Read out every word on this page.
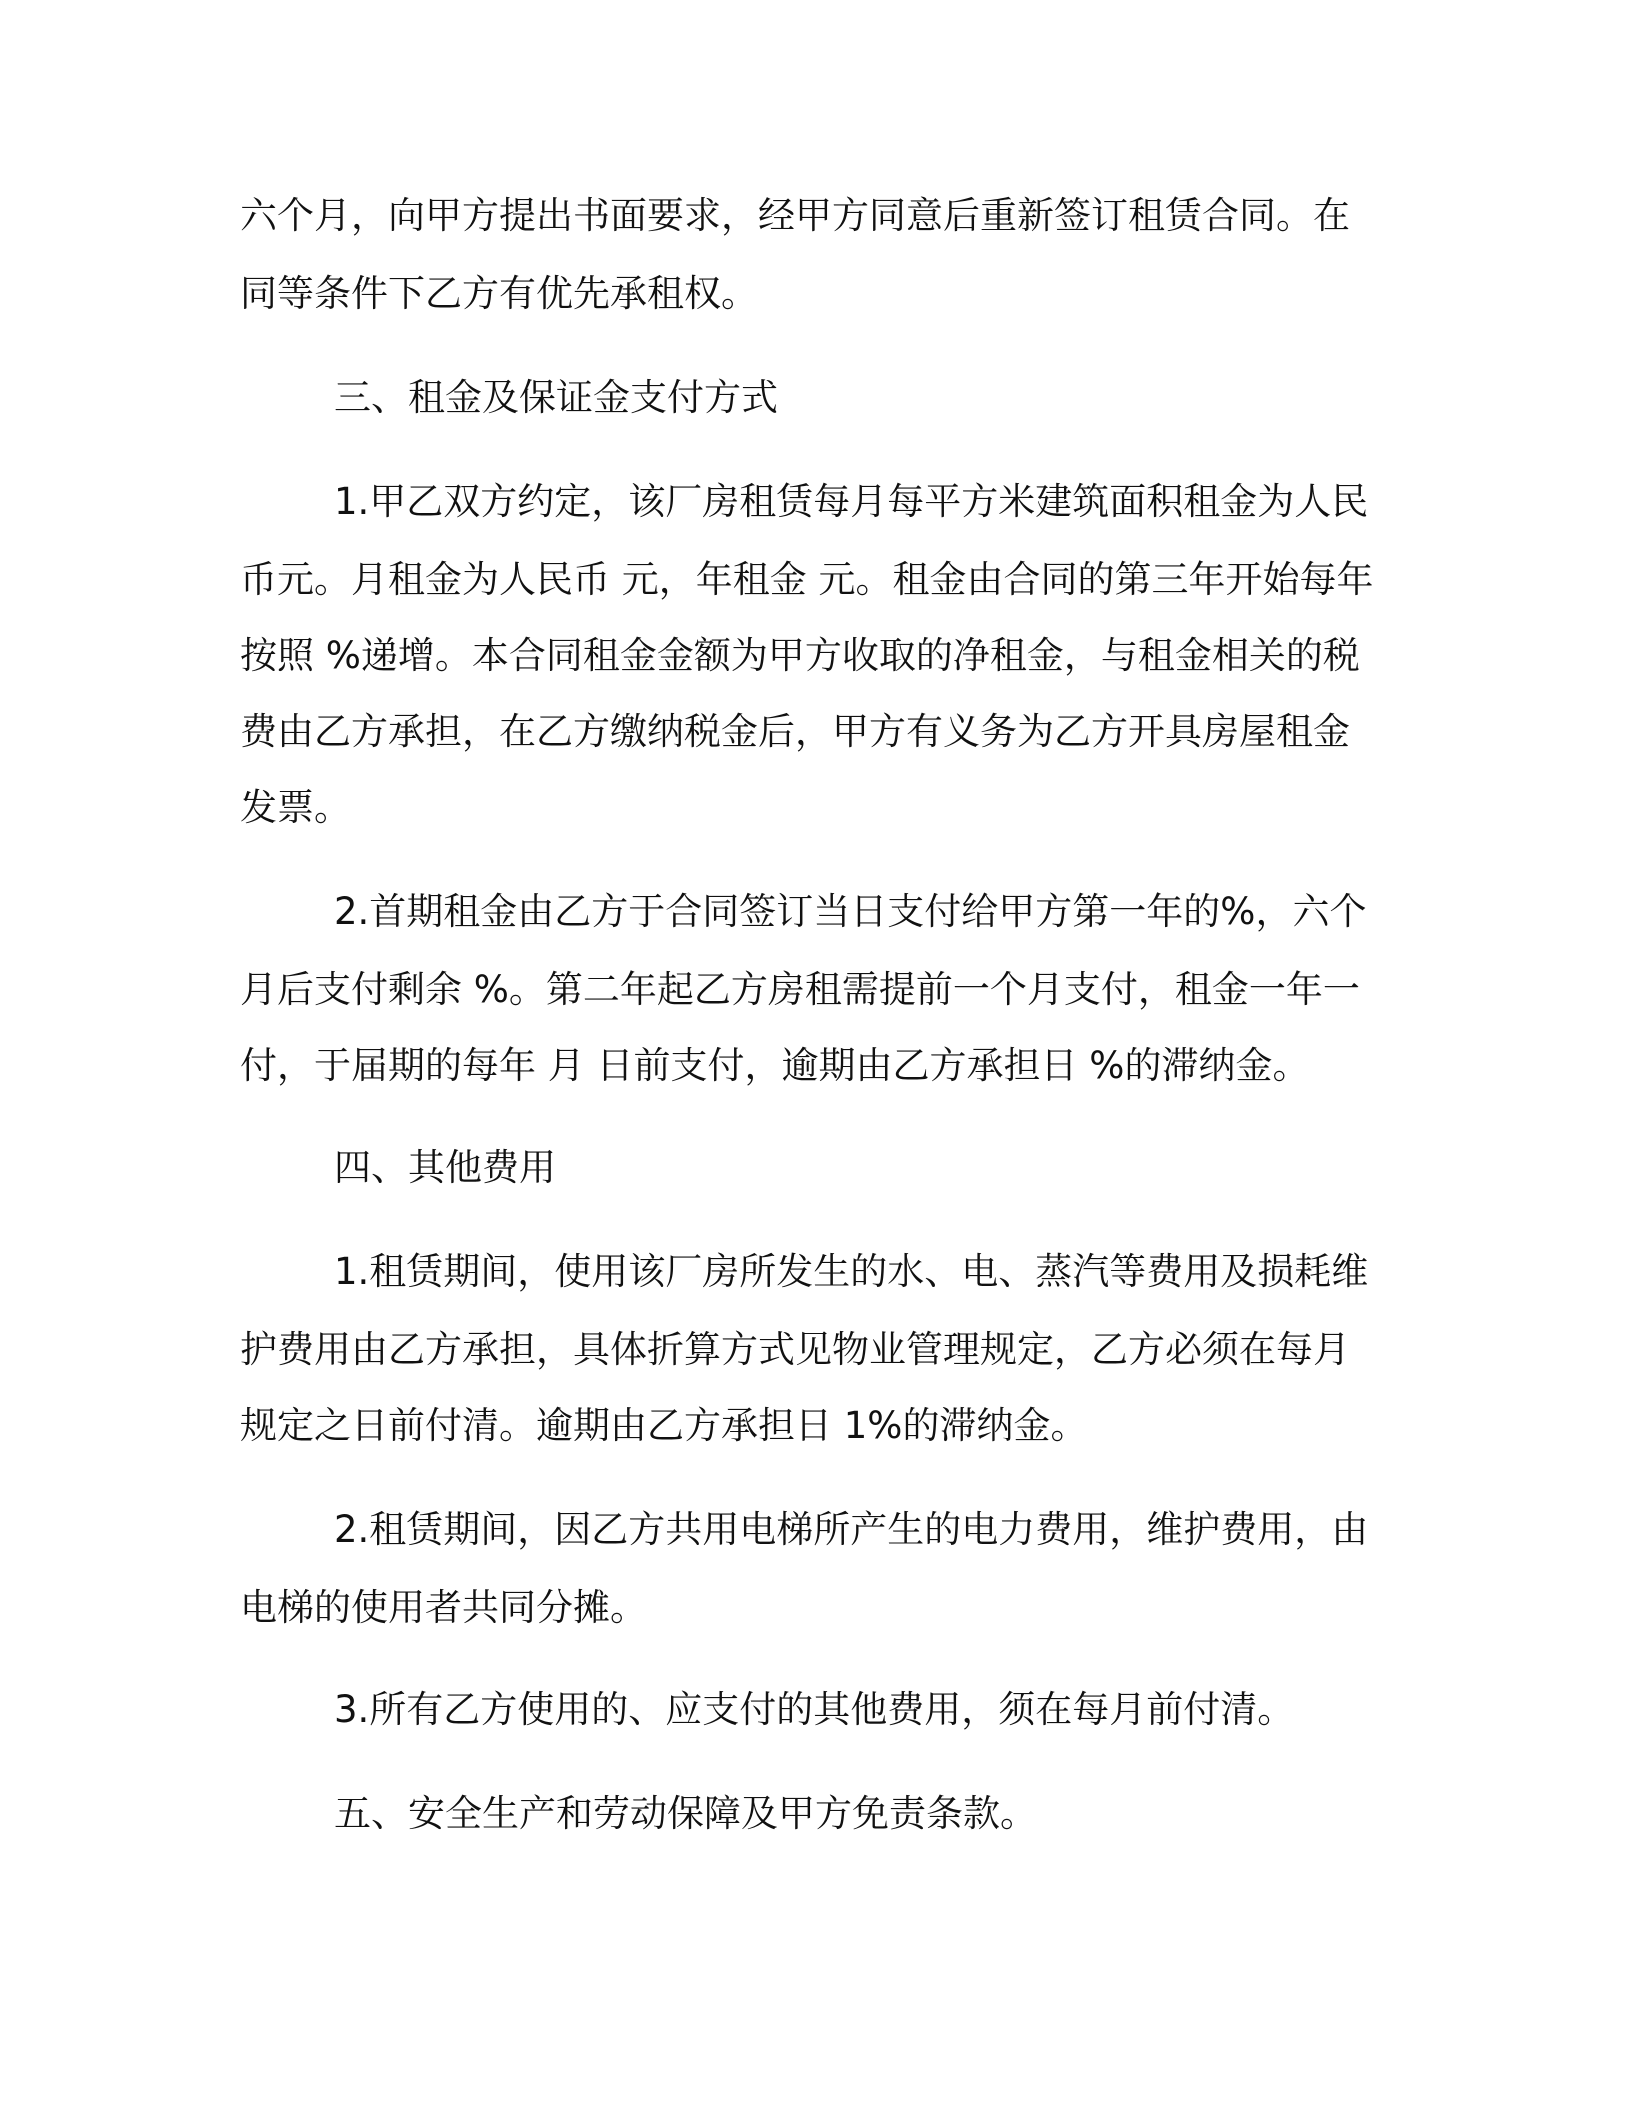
六个月，向甲方提出书面要求，经甲方同意后重新签订租赁合同。在

同等条件下乙方有优先承租权。

三、租金及保证金支付方式

1.甲乙双方约定，该厂房租赁每月每平方米建筑面积租金为人民

币元。月租金为人民币 元，年租金 元。租金由合同的第三年开始每年

按照 %递增。本合同租金金额为甲方收取的净租金，与租金相关的税

费由乙方承担，在乙方缴纳税金后，甲方有义务为乙方开具房屋租金

发票。

2.首期租金由乙方于合同签订当日支付给甲方第一年的%，六个

月后支付剩余 %。第二年起乙方房租需提前一个月支付，租金一年一

付，于届期的每年 月 日前支付，逾期由乙方承担日 %的滞纳金。

四、其他费用

1.租赁期间，使用该厂房所发生的水、电、蒸汽等费用及损耗维

护费用由乙方承担，具体折算方式见物业管理规定，乙方必须在每月

规定之日前付清。逾期由乙方承担日 1%的滞纳金。

2.租赁期间，因乙方共用电梯所产生的电力费用，维护费用，由

电梯的使用者共同分摊。

3.所有乙方使用的、应支付的其他费用，须在每月前付清。

五、安全生产和劳动保障及甲方免责条款。
